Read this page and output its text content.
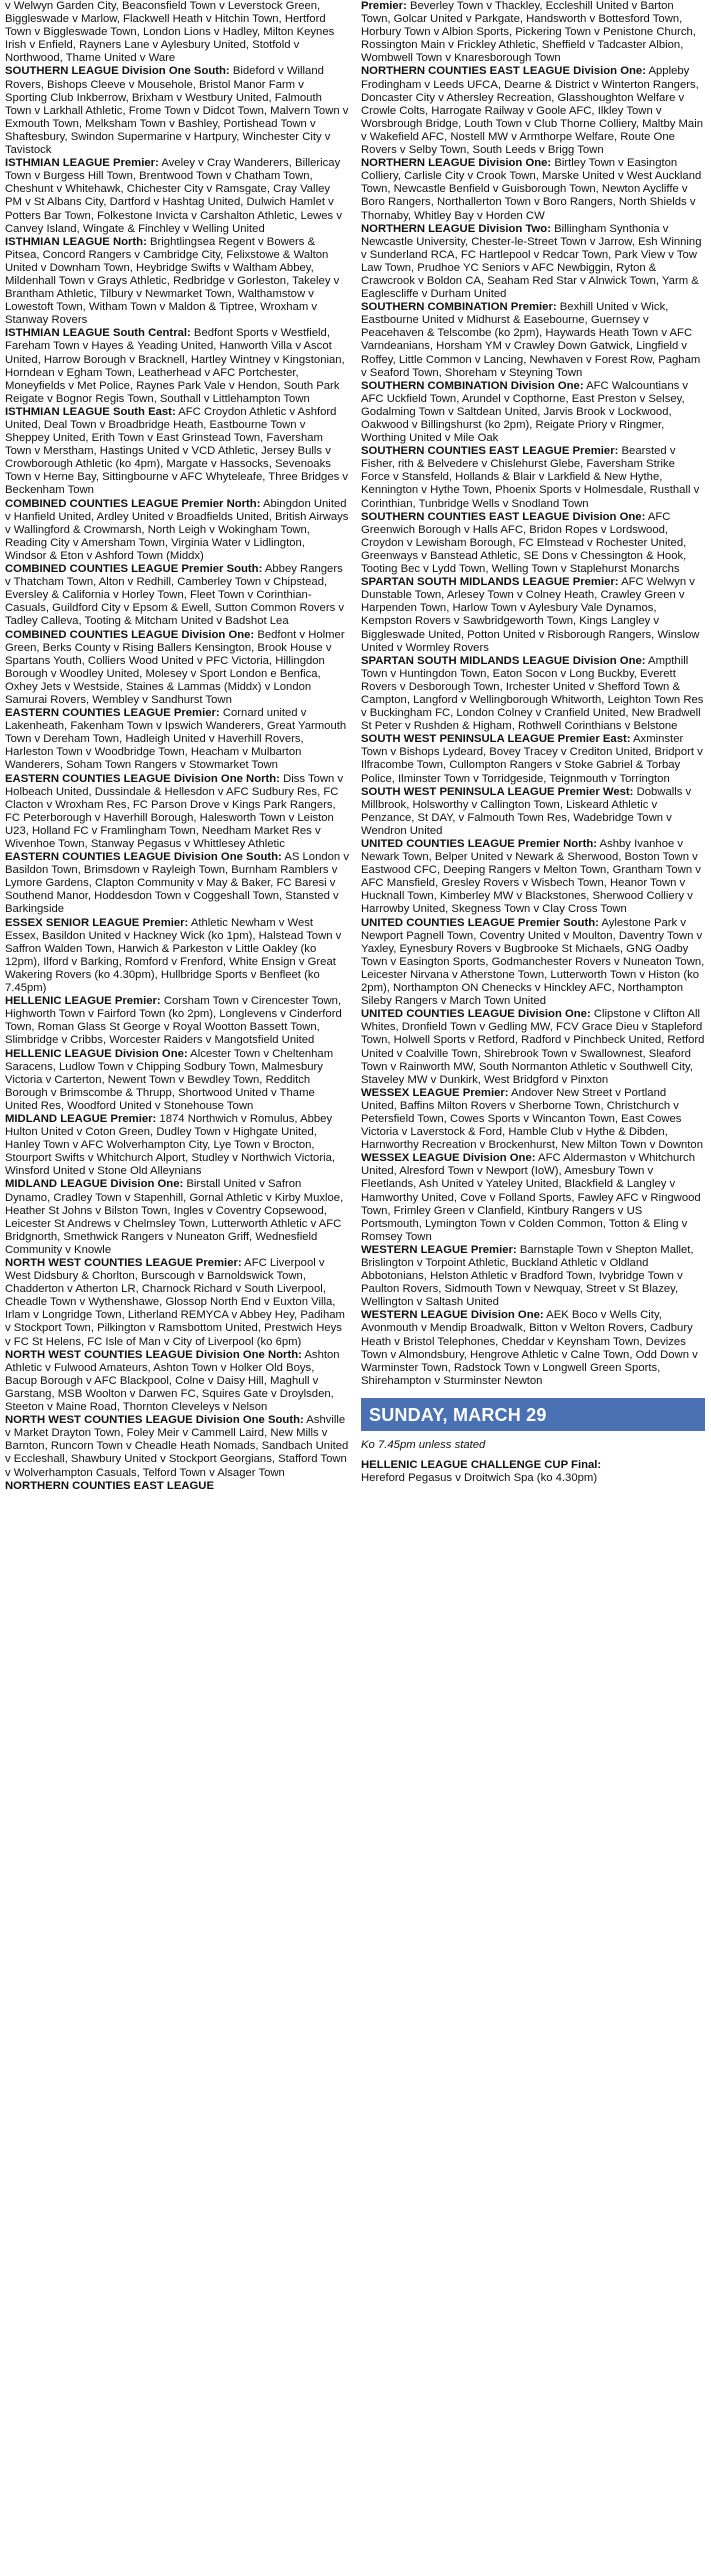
v Welwyn Garden City, Beaconsfield Town v Leverstock Green, Biggleswade v Marlow, Flackwell Heath v Hitchin Town, Hertford Town v Biggleswade Town, London Lions v Hadley, Milton Keynes Irish v Enfield, Rayners Lane v Aylesbury United, Stotfold v Northwood, Thame United v Ware

SOUTHERN LEAGUE Division One South: Bideford v Willand Rovers, Bishops Cleeve v Mousehole, Bristol Manor Farm v Sporting Club Inkberrow, Brixham v Westbury United, Falmouth Town v Larkhall Athletic, Frome Town v Didcot Town, Malvern Town v Exmouth Town, Melksham Town v Bashley, Portishead Town v Shaftesbury, Swindon Supermarine v Hartpury, Winchester City v Tavistock

ISTHMIAN LEAGUE Premier: Aveley v Cray Wanderers, Billericay Town v Burgess Hill Town, Brentwood Town v Chatham Town, Cheshunt v Whitehawk, Chichester City v Ramsgate, Cray Valley PM v St Albans City, Dartford v Hashtag United, Dulwich Hamlet v Potters Bar Town, Folkestone Invicta v Carshalton Athletic, Lewes v Canvey Island, Wingate & Finchley v Welling United

ISTHMIAN LEAGUE North: Brightlingsea Regent v Bowers & Pitsea, Concord Rangers v Cambridge City, Felixstowe & Walton United v Downham Town, Heybridge Swifts v Waltham Abbey, Mildenhall Town v Grays Athletic, Redbridge v Gorleston, Takeley v Brantham Athletic, Tilbury v Newmarket Town, Walthamstow v Lowestoft Town, Witham Town v Maldon & Tiptree, Wroxham v Stanway Rovers

ISTHMIAN LEAGUE South Central: Bedfont Sports v Westfield, Fareham Town v Hayes & Yeading United, Hanworth Villa v Ascot United, Harrow Borough v Bracknell, Hartley Wintney v Kingstonian, Horndean v Egham Town, Leatherhead v AFC Portchester, Moneyfields v Met Police, Raynes Park Vale v Hendon, South Park Reigate v Bognor Regis Town, Southall v Littlehampton Town

ISTHMIAN LEAGUE South East: AFC Croydon Athletic v Ashford United, Deal Town v Broadbridge Heath, Eastbourne Town v Sheppey United, Erith Town v East Grinstead Town, Faversham Town v Merstham, Hastings United v VCD Athletic, Jersey Bulls v Crowborough Athletic (ko 4pm), Margate v Hassocks, Sevenoaks Town v Herne Bay, Sittingbourne v AFC Whyteleafe, Three Bridges v Beckenham Town

COMBINED COUNTIES LEAGUE Premier North: Abingdon United v Hanfield United, Ardley United v Broadfields United, British Airways v Wallingford & Crowmarsh, North Leigh v Wokingham Town, Reading City v Amersham Town, Virginia Water v Lidlington, Windsor & Eton v Ashford Town (Middx)

COMBINED COUNTIES LEAGUE Premier South: Abbey Rangers v Thatcham Town, Alton v Redhill, Camberley Town v Chipstead, Eversley & California v Horley Town, Fleet Town v Corinthian-Casuals, Guildford City v Epsom & Ewell, Sutton Common Rovers v Tadley Calleva, Tooting & Mitcham United v Badshot Lea

COMBINED COUNTIES LEAGUE Division One: Bedfont v Holmer Green, Berks County v Rising Ballers Kensington, Brook House v Spartans Youth, Colliers Wood United v PFC Victoria, Hillingdon Borough v Woodley United, Molesey v Sport London e Benfica, Oxhey Jets v Westside, Staines & Lammas (Middx) v London Samurai Rovers, Wembley v Sandhurst Town

EASTERN COUNTIES LEAGUE Premier: Cornard united v Lakenheath, Fakenham Town v Ipswich Wanderers, Great Yarmouth Town v Dereham Town, Hadleigh United v Haverhill Rovers, Harleston Town v Woodbridge Town, Heacham v Mulbarton Wanderers, Soham Town Rangers v Stowmarket Town

EASTERN COUNTIES LEAGUE Division One North: Diss Town v Holbeach United, Dussindale & Hellesdon v AFC Sudbury Res, FC Clacton v Wroxham Res, FC Parson Drove v Kings Park Rangers, FC Peterborough v Haverhill Borough, Halesworth Town v Leiston U23, Holland FC v Framlingham Town, Needham Market Res v Wivenhoe Town, Stanway Pegasus v Whittlesey Athletic

EASTERN COUNTIES LEAGUE Division One South: AS London v Basildon Town, Brimsdown v Rayleigh Town, Burnham Ramblers v Lymore Gardens, Clapton Community v May & Baker, FC Baresi v Southend Manor, Hoddesdon Town v Coggeshall Town, Stansted v Barkingside

ESSEX SENIOR LEAGUE Premier: Athletic Newham v West Essex, Basildon United v Hackney Wick (ko 1pm), Halstead Town v Saffron Walden Town, Harwich & Parkeston v Little Oakley (ko 12pm), Ilford v Barking, Romford v Frenford, White Ensign v Great Wakering Rovers (ko 4.30pm), Hullbridge Sports v Benfleet (ko 7.45pm)

HELLENIC LEAGUE Premier: Corsham Town v Cirencester Town, Highworth Town v Fairford Town (ko 2pm), Longlevens v Cinderford Town, Roman Glass St George v Royal Wootton Bassett Town, Slimbridge v Cribbs, Worcester Raiders v Mangotsfield United

HELLENIC LEAGUE Division One: Alcester Town v Cheltenham Saracens, Ludlow Town v Chipping Sodbury Town, Malmesbury Victoria v Carterton, Newent Town v Bewdley Town, Redditch Borough v Brimscombe & Thrupp, Shortwood United v Thame United Res, Woodford United v Stonehouse Town

MIDLAND LEAGUE Premier: 1874 Northwich v Romulus, Abbey Hulton United v Coton Green, Dudley Town v Highgate United, Hanley Town v AFC Wolverhampton City, Lye Town v Brocton, Stourport Swifts v Whitchurch Alport, Studley v Northwich Victoria, Winsford United v Stone Old Alleynians

MIDLAND LEAGUE Division One: Birstall United v Safron Dynamo, Cradley Town v Stapenhill, Gornal Athletic v Kirby Muxloe, Heather St Johns v Bilston Town, Ingles v Coventry Copsewood, Leicester St Andrews v Chelmsley Town, Lutterworth Athletic v AFC Bridgnorth, Smethwick Rangers v Nuneaton Griff, Wednesfield Community v Knowle

NORTH WEST COUNTIES LEAGUE Premier: AFC Liverpool v West Didsbury & Chorlton, Burscough v Barnoldswick Town, Chadderton v Atherton LR, Charnock Richard v South Liverpool, Cheadle Town v Wythenshawe, Glossop North End v Euxton Villa, Irlam v Longridge Town, Litherland REMYCA v Abbey Hey, Padiham v Stockport Town, Pilkington v Ramsbottom United, Prestwich Heys v FC St Helens, FC Isle of Man v City of Liverpool (ko 6pm)

NORTH WEST COUNTIES LEAGUE Division One North: Ashton Athletic v Fulwood Amateurs, Ashton Town v Holker Old Boys, Bacup Borough v AFC Blackpool, Colne v Daisy Hill, Maghull v Garstang, MSB Woolton v Darwen FC, Squires Gate v Droylsden, Steeton v Maine Road, Thornton Cleveleys v Nelson

NORTH WEST COUNTIES LEAGUE Division One South: Ashville v Market Drayton Town, Foley Meir v Cammell Laird, New Mills v Barnton, Runcorn Town v Cheadle Heath Nomads, Sandbach United v Eccleshall, Shawbury United v Stockport Georgians, Stafford Town v Wolverhampton Casuals, Telford Town v Alsager Town

NORTHERN COUNTIES EAST LEAGUE

Premier: Beverley Town v Thackley, Eccleshill United v Barton Town, Golcar United v Parkgate, Handsworth v Bottesford Town, Horbury Town v Albion Sports, Pickering Town v Penistone Church, Rossington Main v Frickley Athletic, Sheffield v Tadcaster Albion, Wombwell Town v Knaresborough Town

NORTHERN COUNTIES EAST LEAGUE Division One: Appleby Frodingham v Leeds UFCA, Dearne & District v Winterton Rangers, Doncaster City v Athersley Recreation, Glasshoughton Welfare v Crowle Colts, Harrogate Railway v Goole AFC, Ilkley Town v Worsbrough Bridge, Louth Town v Club Thorne Colliery, Maltby Main v Wakefield AFC, Nostell MW v Armthorpe Welfare, Route One Rovers v Selby Town, South Leeds v Brigg Town

NORTHERN LEAGUE Division One: Birtley Town v Easington Colliery, Carlisle City v Crook Town, Marske United v West Auckland Town, Newcastle Benfield v Guisborough Town, Newton Aycliffe v Boro Rangers, Northallerton Town v Boro Rangers, North Shields v Thornaby, Whitley Bay v Horden CW

NORTHERN LEAGUE Division Two: Billingham Synthonia v Newcastle University, Chester-le-Street Town v Jarrow, Esh Winning v Sunderland RCA, FC Hartlepool v Redcar Town, Park View v Tow Law Town, Prudhoe YC Seniors v AFC Newbiggin, Ryton & Crawcrook v Boldon CA, Seaham Red Star v Alnwick Town, Yarm & Eaglescliffe v Durham United

SOUTHERN COMBINATION Premier: Bexhill United v Wick, Eastbourne United v Midhurst & Easebourne, Guernsey v Peacehaven & Telscombe (ko 2pm), Haywards Heath Town v AFC Varndeanians, Horsham YM v Crawley Down Gatwick, Lingfield v Roffey, Little Common v Lancing, Newhaven v Forest Row, Pagham v Seaford Town, Shoreham v Steyning Town

SOUTHERN COMBINATION Division One: AFC Walcountians v AFC Uckfield Town, Arundel v Copthorne, East Preston v Selsey, Godalming Town v Saltdean United, Jarvis Brook v Lockwood, Oakwood v Billingshurst (ko 2pm), Reigate Priory v Ringmer, Worthing United v Mile Oak

SOUTHERN COUNTIES EAST LEAGUE Premier: Bearsted v Fisher, rith & Belvedere v Chislehurst Glebe, Faversham Strike Force v Stansfeld, Hollands & Blair v Larkfield & New Hythe, Kennington v Hythe Town, Phoenix Sports v Holmesdale, Rusthall v Corinthian, Tunbridge Wells v Snodland Town

SOUTHERN COUNTIES EAST LEAGUE Division One: AFC Greenwich Borough v Halls AFC, Bridon Ropes v Lordswood, Croydon v Lewisham Borough, FC Elmstead v Rochester United, Greenways v Banstead Athletic, SE Dons v Chessington & Hook, Tooting Bec v Lydd Town, Welling Town v Staplehurst Monarchs

SPARTAN SOUTH MIDLANDS LEAGUE Premier: AFC Welwyn v Dunstable Town, Arlesey Town v Colney Heath, Crawley Green v Harpenden Town, Harlow Town v Aylesbury Vale Dynamos, Kempston Rovers v Sawbridgeworth Town, Kings Langley v Biggleswade United, Potton United v Risborough Rangers, Winslow United v Wormley Rovers

SPARTAN SOUTH MIDLANDS LEAGUE Division One: Ampthill Town v Huntingdon Town, Eaton Socon v Long Buckby, Everett Rovers v Desborough Town, Irchester United v Shefford Town & Campton, Langford v Wellingborough Whitworth, Leighton Town Res v Buckingham FC, London Colney v Cranfield United, New Bradwell St Peter v Rushden & Higham, Rothwell Corinthians v Belstone

SOUTH WEST PENINSULA LEAGUE Premier East: Axminster Town v Bishops Lydeard, Bovey Tracey v Crediton United, Bridport v Ilfracombe Town, Cullompton Rangers v Stoke Gabriel & Torbay Police, Ilminster Town v Torridgeside, Teignmouth v Torrington

SOUTH WEST PENINSULA LEAGUE Premier West: Dobwalls v Millbrook, Holsworthy v Callington Town, Liskeard Athletic v Penzance, St DAY, v Falmouth Town Res, Wadebridge Town v Wendron United

UNITED COUNTIES LEAGUE Premier North: Ashby Ivanhoe v Newark Town, Belper United v Newark & Sherwood, Boston Town v Eastwood CFC, Deeping Rangers v Melton Town, Grantham Town v AFC Mansfield, Gresley Rovers v Wisbech Town, Heanor Town v Hucknall Town, Kimberley MW v Blackstones, Sherwood Colliery v Harrowby United, Skegness Town v Clay Cross Town

UNITED COUNTIES LEAGUE Premier South: Aylestone Park v Newport Pagnell Town, Coventry United v Moulton, Daventry Town v Yaxley, Eynesbury Rovers v Bugbrooke St Michaels, GNG Oadby Town v Easington Sports, Godmanchester Rovers v Nuneaton Town, Leicester Nirvana v Atherstone Town, Lutterworth Town v Histon (ko 2pm), Northampton ON Chenecks v Hinckley AFC, Northampton Sileby Rangers v March Town United

UNITED COUNTIES LEAGUE Division One: Clipstone v Clifton All Whites, Dronfield Town v Gedling MW, FCV Grace Dieu v Stapleford Town, Holwell Sports v Retford, Radford v Pinchbeck United, Retford United v Coalville Town, Shirebrook Town v Swallownest, Sleaford Town v Rainworth MW, South Normanton Athletic v Southwell City, Staveley MW v Dunkirk, West Bridgford v Pinxton

WESSEX LEAGUE Premier: Andover New Street v Portland United, Baffins Milton Rovers v Sherborne Town, Christchurch v Petersfield Town, Cowes Sports v Wincanton Town, East Cowes Victoria v Laverstock & Ford, Hamble Club v Hythe & Dibden, Harnworthy Recreation v Brockenhurst, New Milton Town v Downton

WESSEX LEAGUE Division One: AFC Aldermaston v Whitchurch United, Alresford Town v Newport (IoW), Amesbury Town v Fleetlands, Ash United v Yateley United, Blackfield & Langley v Hamworthy United, Cove v Folland Sports, Fawley AFC v Ringwood Town, Frimley Green v Clanfield, Kintbury Rangers v US Portsmouth, Lymington Town v Colden Common, Totton & Eling v Romsey Town

WESTERN LEAGUE Premier: Barnstaple Town v Shepton Mallet, Brislington v Torpoint Athletic, Buckland Athletic v Oldland Abbotonians, Helston Athletic v Bradford Town, Ivybridge Town v Paulton Rovers, Sidmouth Town v Newquay, Street v St Blazey, Wellington v Saltash United

WESTERN LEAGUE Division One: AEK Boco v Wells City, Avonmouth v Mendip Broadwalk, Bitton v Welton Rovers, Cadbury Heath v Bristol Telephones, Cheddar v Keynsham Town, Devizes Town v Almondsbury, Hengrove Athletic v Calne Town, Odd Down v Warminster Town, Radstock Town v Longwell Green Sports, Shirehampton v Sturminster Newton

SUNDAY, MARCH 29

Ko 7.45pm unless stated

HELLENIC LEAGUE CHALLENGE CUP Final:
Hereford Pegasus v Droitwich Spa (ko 4.30pm)
